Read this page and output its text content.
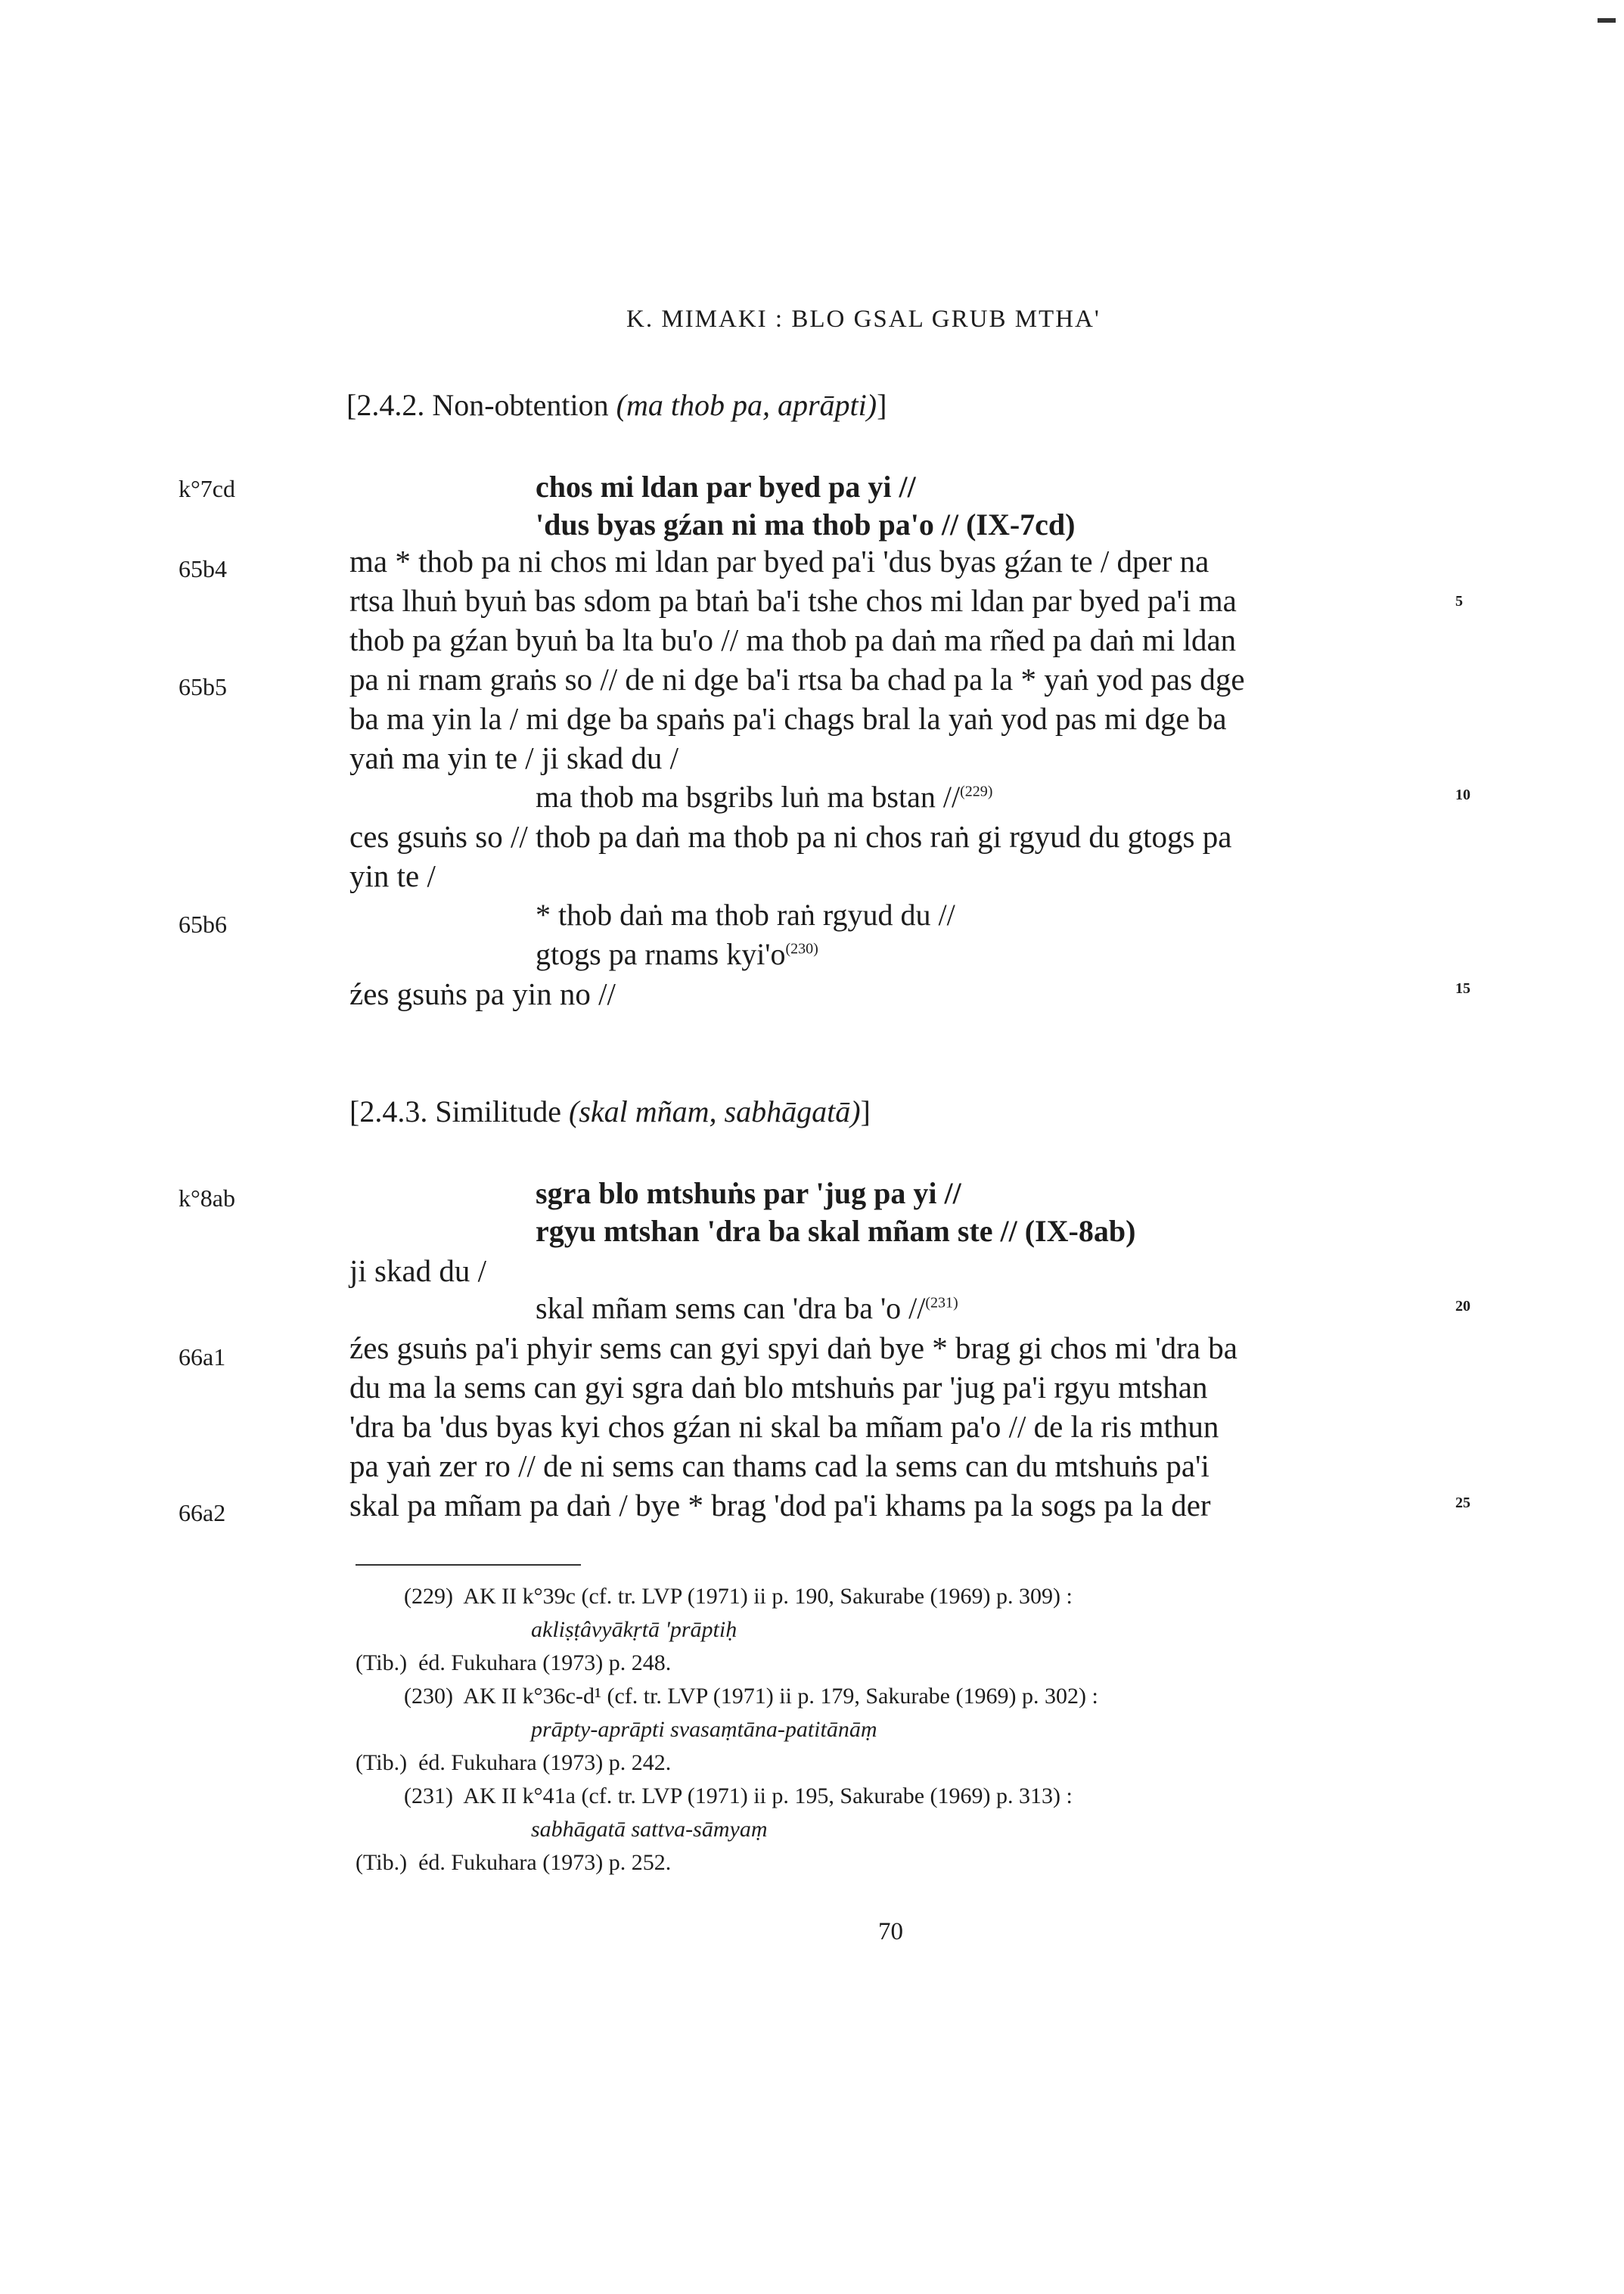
K. MIMAKI : BLO GSAL GRUB MTHA'
[2.4.2. Non-obtention (ma thob pa, aprāpti)]
k°7cd	chos mi ldan par byed pa yi //
'dus byas gźan ni ma thob pa'o // (IX-7cd)
65b4	ma * thob pa ni chos mi ldan par byed pa'i 'dus byas gźan te / dper na
rtsa lhuṅ byuṅ bas sdom pa btaṅ ba'i tshe chos mi ldan par byed pa'i ma	5
thob pa gźan byuṅ ba lta bu'o // ma thob pa daṅ ma rñed pa daṅ mi ldan
65b5	pa ni rnam graṅs so // de ni dge ba'i rtsa ba chad pa la * yaṅ yod pas dge
ba ma yin la / mi dge ba spaṅs pa'i chags bral la yaṅ yod pas mi dge ba
yaṅ ma yin te / ji skad du /
ma thob ma bsgribs luṅ ma bstan //$^{(229)}$	10
ces gsuṅs so // thob pa daṅ ma thob pa ni chos raṅ gi rgyud du gtogs pa
yin te /
65b6	* thob daṅ ma thob raṅ rgyud du //
gtogs pa rnams $kyi'o^{(230)}$
źes gsuṅs pa yin no //	15
[2.4.3. Similitude (skal mñam, sabhāgatā)]
k°8ab	sgra blo mtshuṅs par 'jug pa yi //
rgyu mtshan 'dra ba skal mñam ste // (IX-8ab)
ji skad du /
skal mñam sems can 'dra ba 'o //$^{(231)}$	20
66a1	źes gsuṅs pa'i phyir sems can gyi spyi daṅ bye * brag gi chos mi 'dra ba
du ma la sems can gyi sgra daṅ blo mtshuṅs par 'jug pa'i rgyu mtshan
'dra ba 'dus byas kyi chos gźan ni skal ba mñam pa'o // de la ris mthun
pa yaṅ zer ro // de ni sems can thams cad la sems can du mtshuṅs pa'i
66a2	skal pa mñam pa daṅ / bye * brag 'dod pa'i khams pa la sogs pa la der	25
(229) AK II k°39c (cf. tr. LVP (1971) ii p. 190, Sakurabe (1969) p. 309) :
akliṣṭâvyākṛtā 'prāptiḥ
(Tib.) éd. Fukuhara (1973) p. 248.
(230) AK II k°36c-d¹ (cf. tr. LVP (1971) ii p. 179, Sakurabe (1969) p. 302) :
prāpty-aprāpti svasaṃtāna-patitānāṃ
(Tib.) éd. Fukuhara (1973) p. 242.
(231) AK II k°41a (cf. tr. LVP (1971) ii p. 195, Sakurabe (1969) p. 313) :
sabhāgatā sattva-sāmyaṃ
(Tib.) éd. Fukuhara (1973) p. 252.
70
